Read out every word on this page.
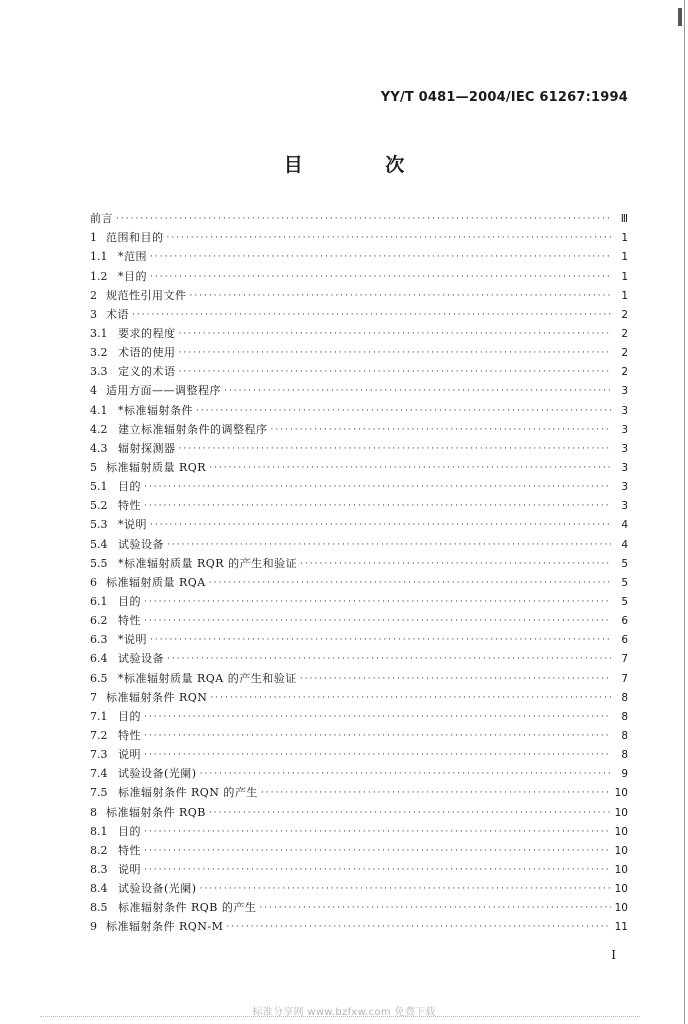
YY/T 0481—2004/IEC 61267:1994
目 次
前言 ·····	Ⅲ
1 范围和目的 ·····	1
1.1 *范围 ·····	1
1.2 *目的 ·····	1
2 规范性引用文件 ·····	1
3 术语 ·····	2
3.1 要求的程度 ·····	2
3.2 术语的使用 ·····	2
3.3 定义的术语 ·····	2
4 适用方面——调整程序 ·····	3
4.1 *标准辐射条件 ·····	3
4.2 建立标准辐射条件的调整程序 ·····	3
4.3 辐射探测器 ·····	3
5 标准辐射质量 RQR ·····	3
5.1 目的 ·····	3
5.2 特性 ·····	3
5.3 *说明 ·····	4
5.4 试验设备 ·····	4
5.5 *标准辐射质量 RQR 的产生和验证 ·····	5
6 标准辐射质量 RQA ·····	5
6.1 目的 ·····	5
6.2 特性 ·····	6
6.3 *说明 ·····	6
6.4 试验设备 ·····	7
6.5 *标准辐射质量 RQA 的产生和验证 ·····	7
7 标准辐射条件 RQN ·····	8
7.1 目的 ·····	8
7.2 特性 ·····	8
7.3 说明 ·····	8
7.4 试验设备(光阑) ·····	9
7.5 标准辐射条件 RQN 的产生 ·····	10
8 标准辐射条件 RQB ·····	10
8.1 目的 ·····	10
8.2 特性 ·····	10
8.3 说明 ·····	10
8.4 试验设备(光阑) ·····	10
8.5 标准辐射条件 RQB 的产生 ·····	10
9 标准辐射条件 RQN-M ·····	11
I
标准分享网 www.bzfxw.com 免费下载
